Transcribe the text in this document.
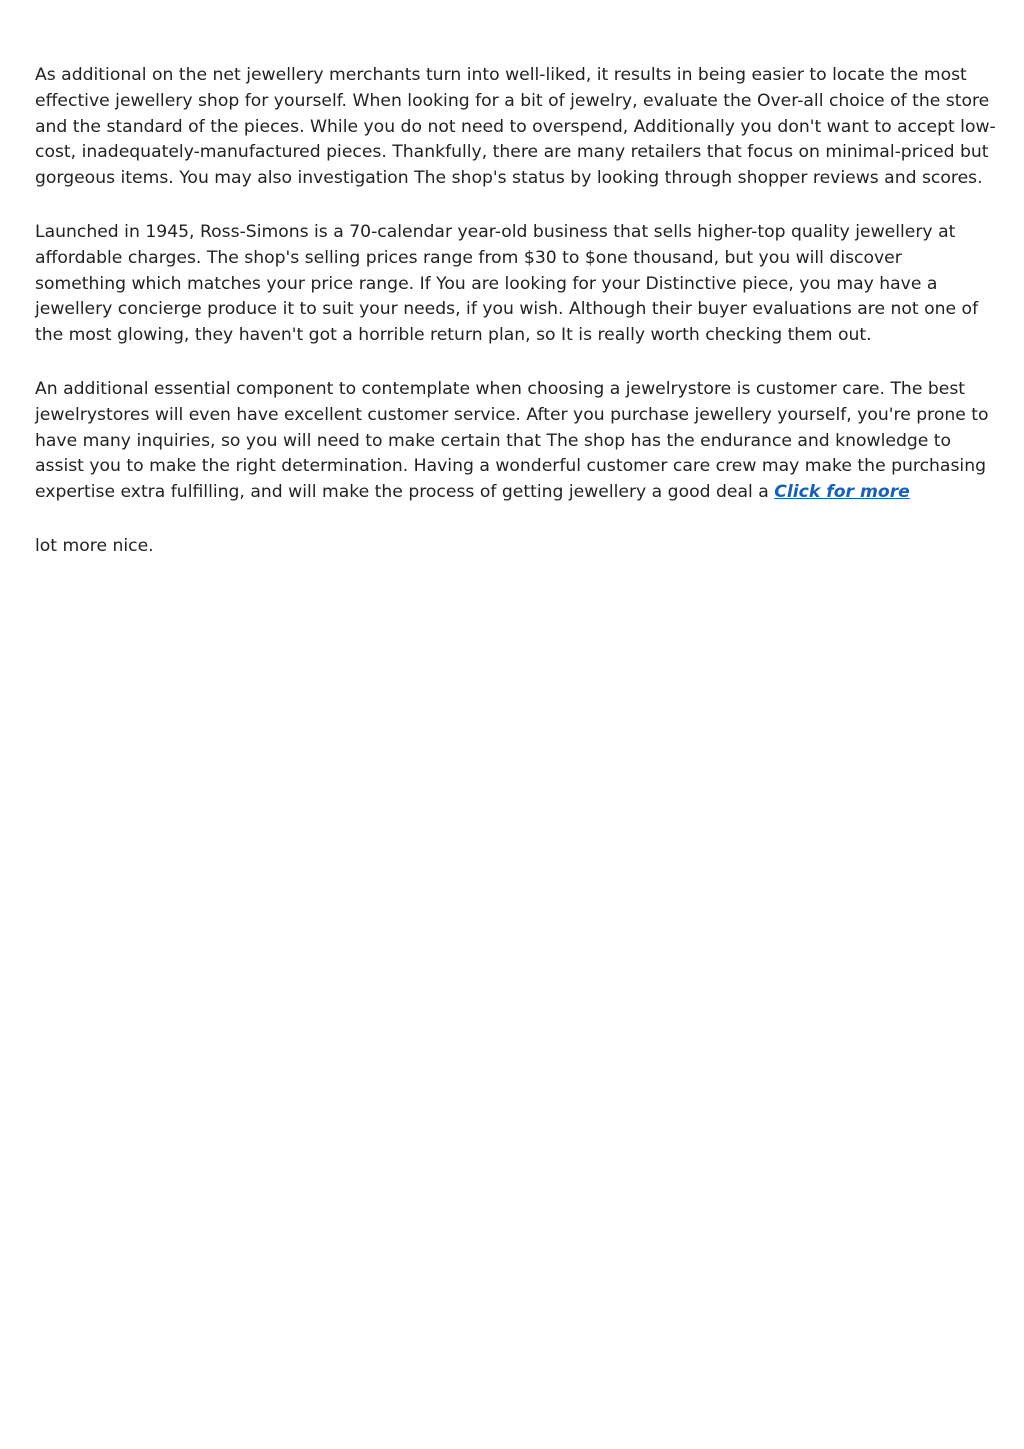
As additional on the net jewellery merchants turn into well-liked, it results in being easier to locate the most effective jewellery shop for yourself. When looking for a bit of jewelry, evaluate the Over-all choice of the store and the standard of the pieces. While you do not need to overspend, Additionally you don't want to accept low-cost, inadequately-manufactured pieces. Thankfully, there are many retailers that focus on minimal-priced but gorgeous items. You may also investigation The shop's status by looking through shopper reviews and scores.

Launched in 1945, Ross-Simons is a 70-calendar year-old business that sells higher-top quality jewellery at affordable charges. The shop's selling prices range from $30 to $one thousand, but you will discover something which matches your price range. If You are looking for your Distinctive piece, you may have a jewellery concierge produce it to suit your needs, if you wish. Although their buyer evaluations are not one of the most glowing, they haven't got a horrible return plan, so It is really worth checking them out.

An additional essential component to contemplate when choosing a jewelrystore is customer care. The best jewelrystores will even have excellent customer service. After you purchase jewellery yourself, you're prone to have many inquiries, so you will need to make certain that The shop has the endurance and knowledge to assist you to make the right determination. Having a wonderful customer care crew may make the purchasing expertise extra fulfilling, and will make the process of getting jewellery a good deal a Click for more

lot more nice.
